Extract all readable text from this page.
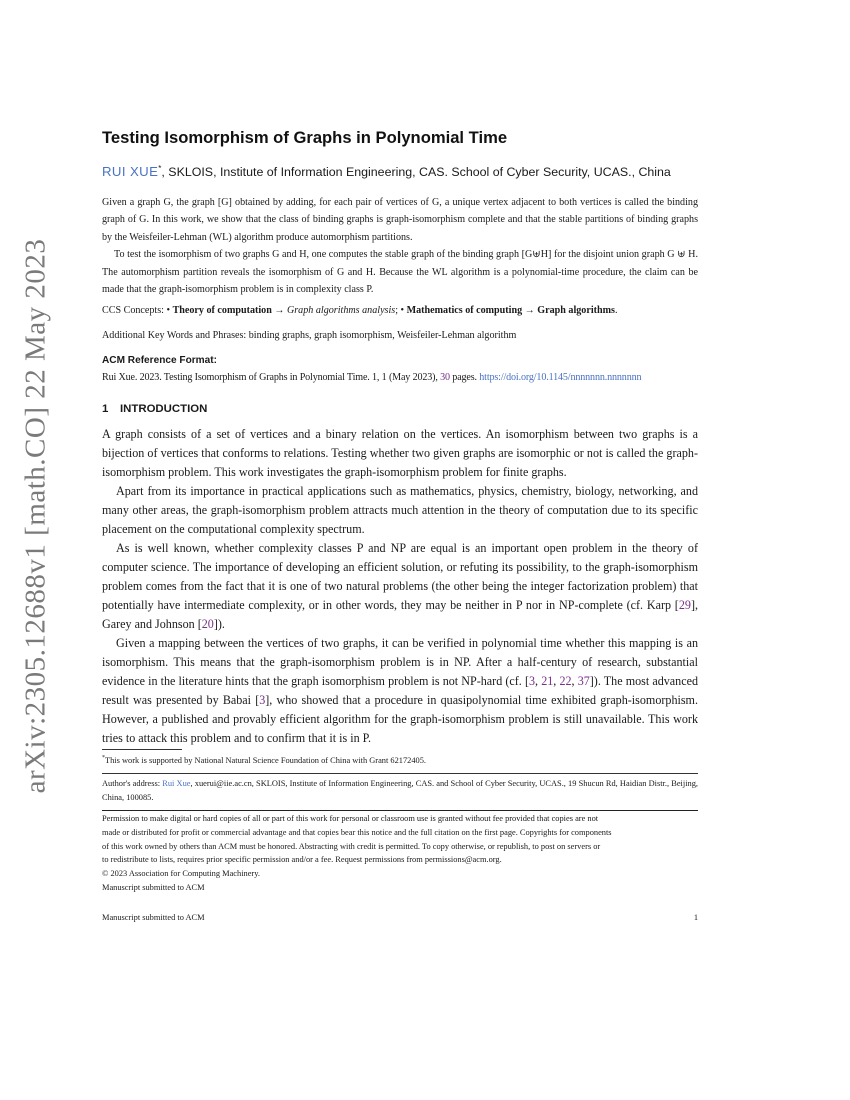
arXiv:2305.12688v1 [math.CO] 22 May 2023
Testing Isomorphism of Graphs in Polynomial Time
RUI XUE*, SKLOIS, Institute of Information Engineering, CAS. School of Cyber Security, UCAS., China

Given a graph G, the graph [G] obtained by adding, for each pair of vertices of G, a unique vertex adjacent to both vertices is called the binding graph of G. In this work, we show that the class of binding graphs is graph-isomorphism complete and that the stable partitions of binding graphs by the Weisfeiler-Lehman (WL) algorithm produce automorphism partitions.

To test the isomorphism of two graphs G and H, one computes the stable graph of the binding graph [G⊎H] for the disjoint union graph G ⊎ H. The automorphism partition reveals the isomorphism of G and H. Because the WL algorithm is a polynomial-time procedure, the claim can be made that the graph-isomorphism problem is in complexity class P.

CCS Concepts: • Theory of computation → Graph algorithms analysis; • Mathematics of computing → Graph algorithms.
Additional Key Words and Phrases: binding graphs, graph isomorphism, Weisfeiler-Lehman algorithm
ACM Reference Format:
Rui Xue. 2023. Testing Isomorphism of Graphs in Polynomial Time. 1, 1 (May 2023), 30 pages. https://doi.org/10.1145/nnnnnnn.nnnnnnn
1 INTRODUCTION

A graph consists of a set of vertices and a binary relation on the vertices. An isomorphism between two graphs is a bijection of vertices that conforms to relations. Testing whether two given graphs are isomorphic or not is called the graph-isomorphism problem. This work investigates the graph-isomorphism problem for finite graphs.

Apart from its importance in practical applications such as mathematics, physics, chemistry, biology, networking, and many other areas, the graph-isomorphism problem attracts much attention in the theory of computation due to its specific placement on the computational complexity spectrum.

As is well known, whether complexity classes P and NP are equal is an important open problem in the theory of computer science. The importance of developing an efficient solution, or refuting its possibility, to the graph-isomorphism problem comes from the fact that it is one of two natural problems (the other being the integer factorization problem) that potentially have intermediate complexity, or in other words, they may be neither in P nor in NP-complete (cf. Karp [29], Garey and Johnson [20]).

Given a mapping between the vertices of two graphs, it can be verified in polynomial time whether this mapping is an isomorphism. This means that the graph-isomorphism problem is in NP. After a half-century of research, substantial evidence in the literature hints that the graph isomorphism problem is not NP-hard (cf. [3, 21, 22, 37]). The most advanced result was presented by Babai [3], who showed that a procedure in quasipolynomial time exhibited graph-isomorphism. However, a published and provably efficient algorithm for the graph-isomorphism problem is still unavailable. This work tries to attack this problem and to confirm that it is in P.

*This work is supported by National Natural Science Foundation of China with Grant 62172405.
Author's address: Rui Xue, xuerui@iie.ac.cn, SKLOIS, Institute of Information Engineering, CAS. and School of Cyber Security, UCAS., 19 Shucun Rd, Haidian Distr., Beijing, China, 100085.
Permission to make digital or hard copies of all or part of this work for personal or classroom use is granted without fee provided that copies are not
made or distributed for profit or commercial advantage and that copies bear this notice and the full citation on the first page. Copyrights for components
of this work owned by others than ACM must be honored. Abstracting with credit is permitted. To copy otherwise, or republish, to post on servers or
to redistribute to lists, requires prior specific permission and/or a fee. Request permissions from permissions@acm.org.
© 2023 Association for Computing Machinery.
Manuscript submitted to ACM
Manuscript submitted to ACM	1
